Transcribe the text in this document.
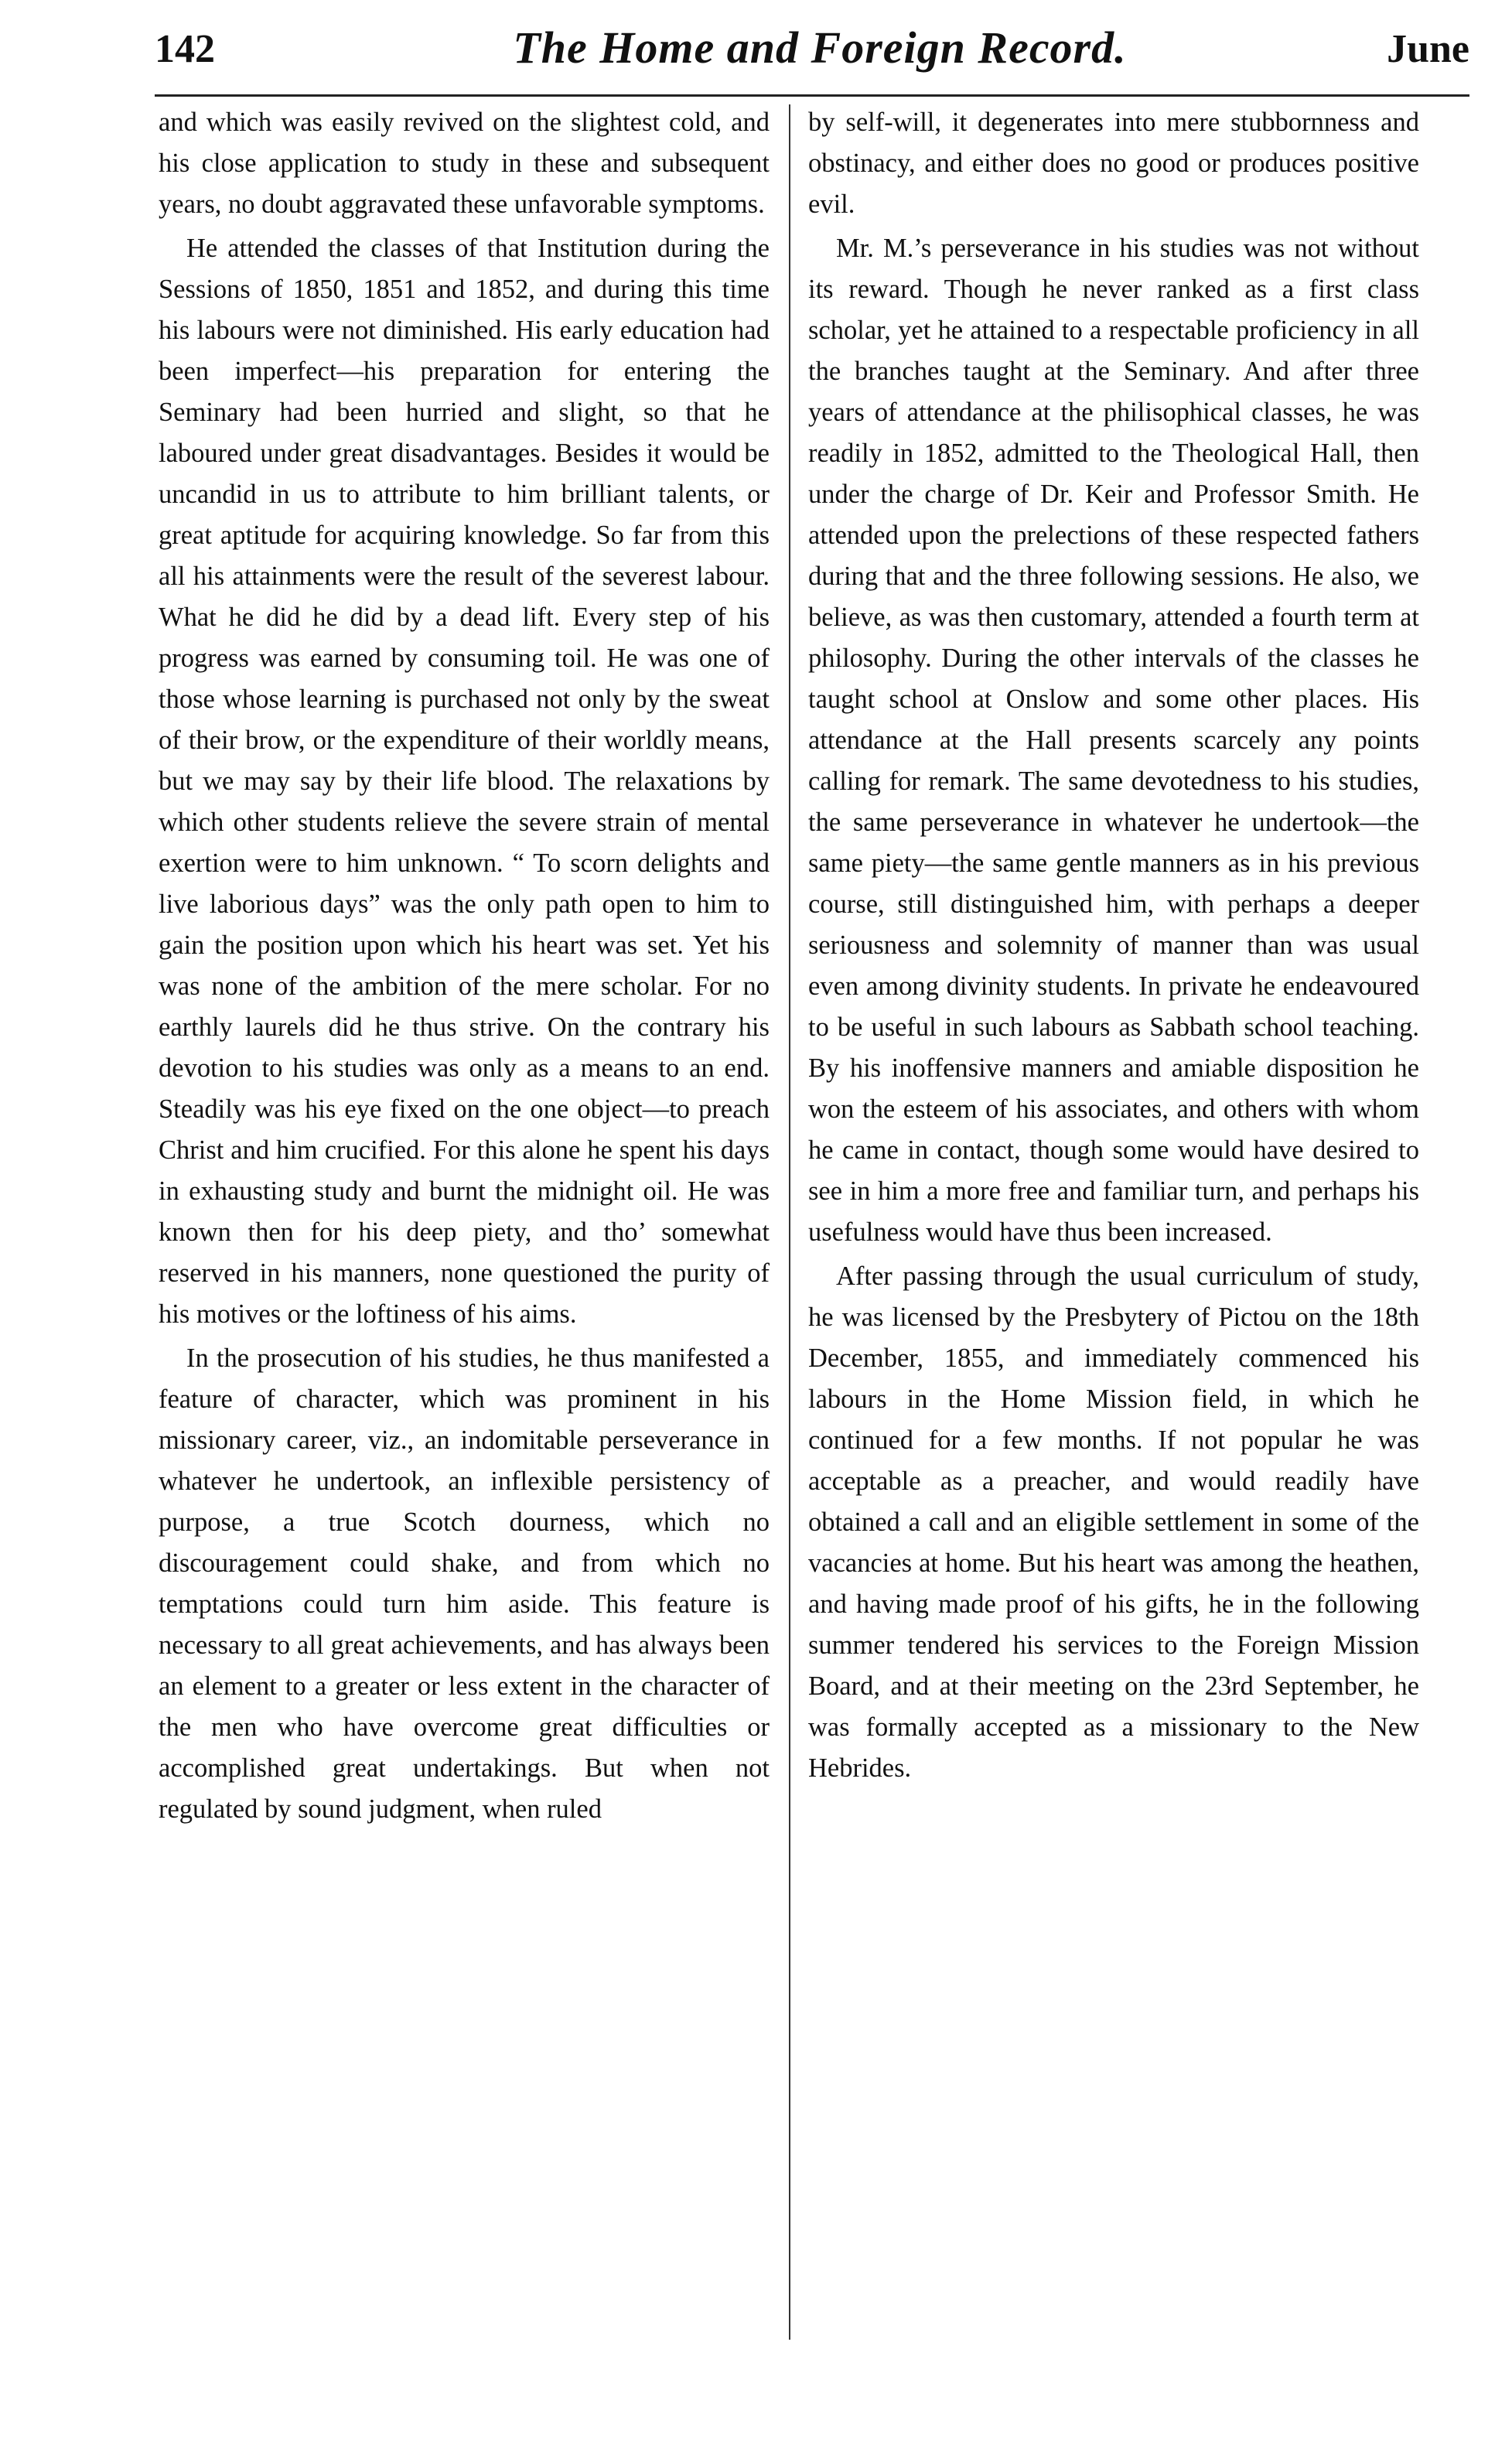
142	The Home and Foreign Record.	June

and which was easily revived on the slightest cold, and his close application to study in these and subsequent years, no doubt aggravated these unfavorable symptoms.

He attended the classes of that Institution during the Sessions of 1850, 1851 and 1852, and during this time his labours were not diminished. His early education had been imperfect—his preparation for entering the Seminary had been hurried and slight, so that he laboured under great disadvantages. Besides it would be uncandid in us to attribute to him brilliant talents, or great aptitude for acquiring knowledge. So far from this all his attainments were the result of the severest labour. What he did he did by a dead lift. Every step of his progress was earned by consuming toil. He was one of those whose learning is purchased not only by the sweat of their brow, or the expenditure of their worldly means, but we may say by their life blood. The relaxations by which other students relieve the severe strain of mental exertion were to him unknown. “ To scorn delights and live laborious days” was the only path open to him to gain the position upon which his heart was set. Yet his was none of the ambition of the mere scholar. For no earthly laurels did he thus strive. On the contrary his devotion to his studies was only as a means to an end. Steadily was his eye fixed on the one object—to preach Christ and him crucified. For this alone he spent his days in exhausting study and burnt the midnight oil. He was known then for his deep piety, and tho’ somewhat reserved in his manners, none questioned the purity of his motives or the loftiness of his aims.

In the prosecution of his studies, he thus manifested a feature of character, which was prominent in his missionary career, viz., an indomitable perseverance in whatever he undertook, an inflexible persistency of purpose, a true Scotch dourness, which no discouragement could shake, and from which no temptations could turn him aside. This feature is necessary to all great achievements, and has always been an element to a greater or less extent in the character of the men who have overcome great difficulties or accomplished great undertakings. But when not regulated by sound judgment, when ruled

by self-will, it degenerates into mere stubbornness and obstinacy, and either does no good or produces positive evil.

Mr. M.’s perseverance in his studies was not without its reward. Though he never ranked as a first class scholar, yet he attained to a respectable proficiency in all the branches taught at the Seminary. And after three years of attendance at the philisophical classes, he was readily in 1852, admitted to the Theological Hall, then under the charge of Dr. Keir and Professor Smith. He attended upon the prelections of these respected fathers during that and the three following sessions. He also, we believe, as was then customary, attended a fourth term at philosophy. During the other intervals of the classes he taught school at Onslow and some other places. His attendance at the Hall presents scarcely any points calling for remark. The same devotedness to his studies, the same perseverance in whatever he undertook—the same piety—the same gentle manners as in his previous course, still distinguished him, with perhaps a deeper seriousness and solemnity of manner than was usual even among divinity students. In private he endeavoured to be useful in such labours as Sabbath school teaching. By his inoffensive manners and amiable disposition he won the esteem of his associates, and others with whom he came in contact, though some would have desired to see in him a more free and familiar turn, and perhaps his usefulness would have thus been increased.

After passing through the usual curriculum of study, he was licensed by the Presbytery of Pictou on the 18th December, 1855, and immediately commenced his labours in the Home Mission field, in which he continued for a few months. If not popular he was acceptable as a preacher, and would readily have obtained a call and an eligible settlement in some of the vacancies at home. But his heart was among the heathen, and having made proof of his gifts, he in the following summer tendered his services to the Foreign Mission Board, and at their meeting on the 23rd September, he was formally accepted as a missionary to the New Hebrides.
